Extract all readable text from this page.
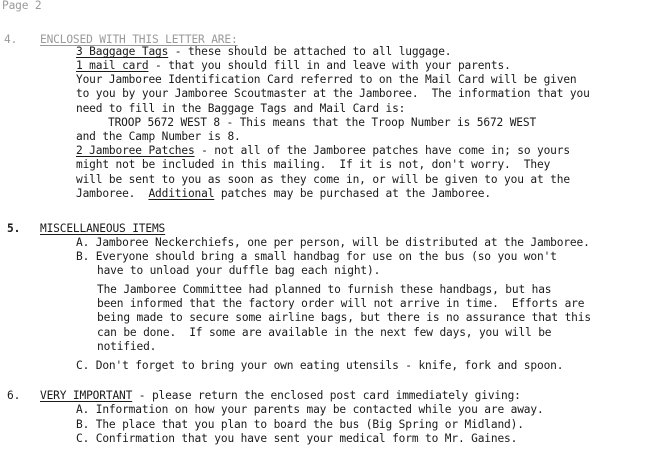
Page 2
4. ENCLOSED WITH THIS LETTER ARE:
3 Baggage Tags - these should be attached to all luggage.
1 mail card - that you should fill in and leave with your parents.
Your Jamboree Identification Card referred to on the Mail Card will be given
to you by your Jamboree Scoutmaster at the Jamboree.  The information that you
need to fill in the Baggage Tags and Mail Card is:
TROOP 5672 WEST 8 - This means that the Troop Number is 5672 WEST
and the Camp Number is 8.
2 Jamboree Patches - not all of the Jamboree patches have come in; so yours
might not be included in this mailing.  If it is not, don't worry.  They
will be sent to you as soon as they come in, or will be given to you at the
Jamboree.  Additional patches may be purchased at the Jamboree.
5. MISCELLANEOUS ITEMS
A. Jamboree Neckerchiefs, one per person, will be distributed at the Jamboree.
B. Everyone should bring a small handbag for use on the bus (so you won't
have to unload your duffle bag each night).
The Jamboree Committee had planned to furnish these handbags, but has
been informed that the factory order will not arrive in time.  Efforts are
being made to secure some airline bags, but there is no assurance that this
can be done.  If some are available in the next few days, you will be
notified.
C. Don't forget to bring your own eating utensils - knife, fork and spoon.
6. VERY IMPORTANT - please return the enclosed post card immediately giving:
A. Information on how your parents may be contacted while you are away.
B. The place that you plan to board the bus (Big Spring or Midland).
C. Confirmation that you have sent your medical form to Mr. Gaines.
